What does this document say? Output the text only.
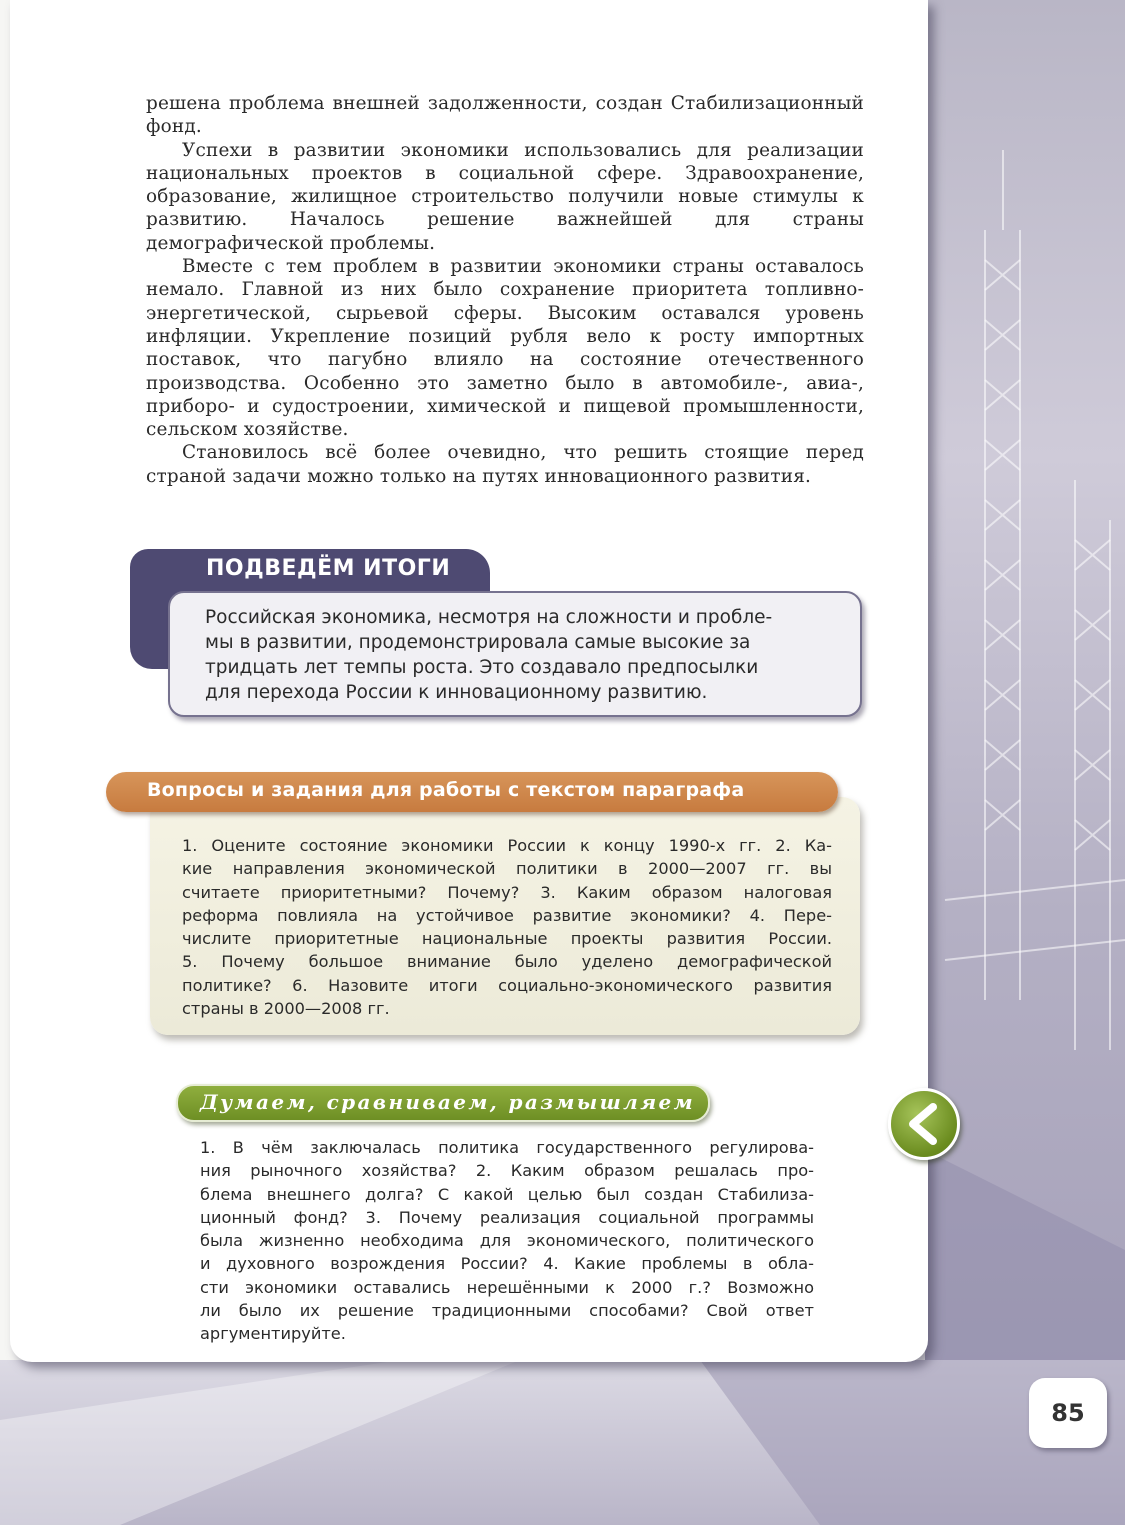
решена проблема внешней задолженности, создан Стабилизационный фонд.

Успехи в развитии экономики использовались для реализации национальных проектов в социальной сфере. Здравоохранение, образование, жилищное строительство получили новые стимулы к развитию. Началось решение важнейшей для страны демографической проблемы.

Вместе с тем проблем в развитии экономики страны оставалось немало. Главной из них было сохранение приоритета топливно-энергетической, сырьевой сферы. Высоким оставался уровень инфляции. Укрепление позиций рубля вело к росту импортных поставок, что пагубно влияло на состояние отечественного производства. Особенно это заметно было в автомобиле-, авиа-, приборо- и судостроении, химической и пищевой промышленности, сельском хозяйстве.

Становилось всё более очевидно, что решить стоящие перед страной задачи можно только на путях инновационного развития.

ПОДВЕДЁМ ИТОГИ
Российская экономика, несмотря на сложности и пробле-
мы в развитии, продемонстрировала самые высокие за
тридцать лет темпы роста. Это создавало предпосылки
для перехода России к инновационному развитию.
Вопросы и задания для работы с текстом параграфа
1. Оцените состояние экономики России к концу 1990-х гг. 2. Ка-
кие направления экономической политики в 2000—2007 гг. вы
считаете приоритетными? Почему? 3. Каким образом налоговая
реформа повлияла на устойчивое развитие экономики? 4. Пере-
числите приоритетные национальные проекты развития России.
5. Почему большое внимание было уделено демографической
политике? 6. Назовите итоги социально-экономического развития
страны в 2000—2008 гг.
Думаем, сравниваем, размышляем
1. В чём заключалась политика государственного регулирова-
ния рыночного хозяйства? 2. Каким образом решалась про-
блема внешнего долга? С какой целью был создан Стабилиза-
ционный фонд? 3. Почему реализация социальной программы
была жизненно необходима для экономического, политического
и духовного возрождения России? 4. Какие проблемы в обла-
сти экономики оставались нерешёнными к 2000 г.? Возможно
ли было их решение традиционными способами? Свой ответ
аргументируйте.
85
